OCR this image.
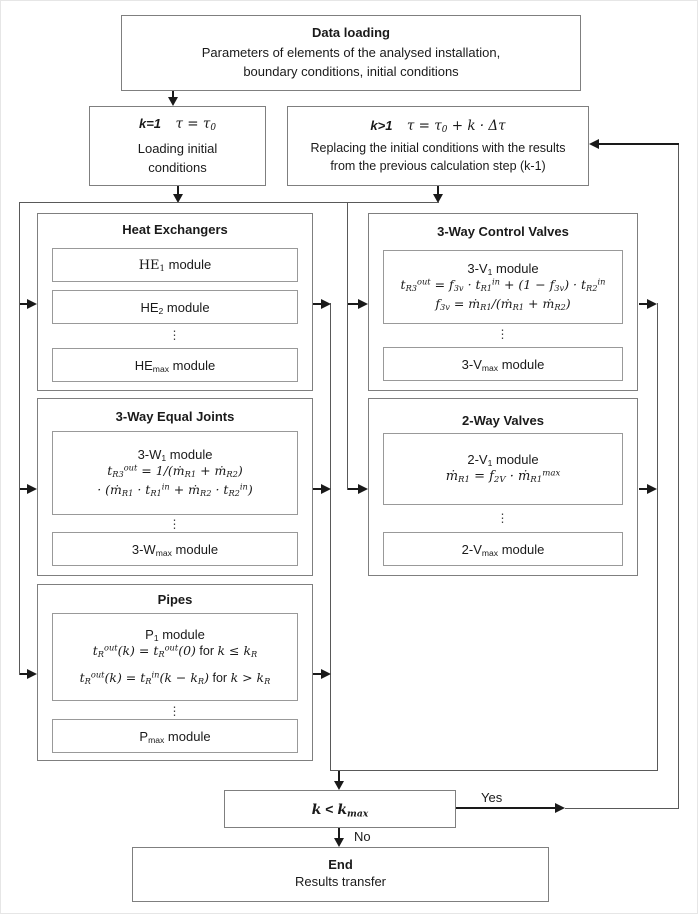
Data loading
Parameters of elements of the analysed installation,
boundary conditions, initial conditions
k=1 $\tau = \tau_0$
Loading initial
conditions
k>1 $\tau = \tau_0 + k \cdot \Delta\tau$
Replacing the initial conditions with the results
from the previous calculation step (k-1)
Heat Exchangers
$HE_1$ module
$HE_2$ module
⋮
$HE_{max}$ module
3-Way Control Valves
$3-V_1$ module
$t_{R3}^{out} = f_{3v} \cdot t_{R1}^{in} + (1 - f_{3v}) \cdot t_{R2}^{in}$
$f_{3v}$ = ṁ$_{R1}$/(ṁ$_{R1}$ + ṁ$_{R2}$)
⋮
$3-V_{max}$ module
3-Way Equal Joints
$3-W_1$ module
$t_{R3}^{out}$ = 1/(ṁ$_{R1}$ + ṁ$_{R2}$)
· (ṁ$_{R1}$ · $t_{R1}^{in}$ + ṁ$_{R2}$ · $t_{R2}^{in}$)
⋮
$3-W_{max}$ module
2-Way Valves
$2-V_1$ module
ṁ$_{R1}$ = $f_{2V}$ · ṁ$_{R1}^{max}$
⋮
$2-V_{max}$ module
Pipes
$P_1$ module
$t_R^{out}(k) = t_R^{out}(0)$ for $k \le k_R$
$t_R^{out}(k) = t_R^{in}(k - k_R)$ for $k > k_R$
⋮
$P_{max}$ module
$k < k_{max}$
Yes
No
End
Results transfer
